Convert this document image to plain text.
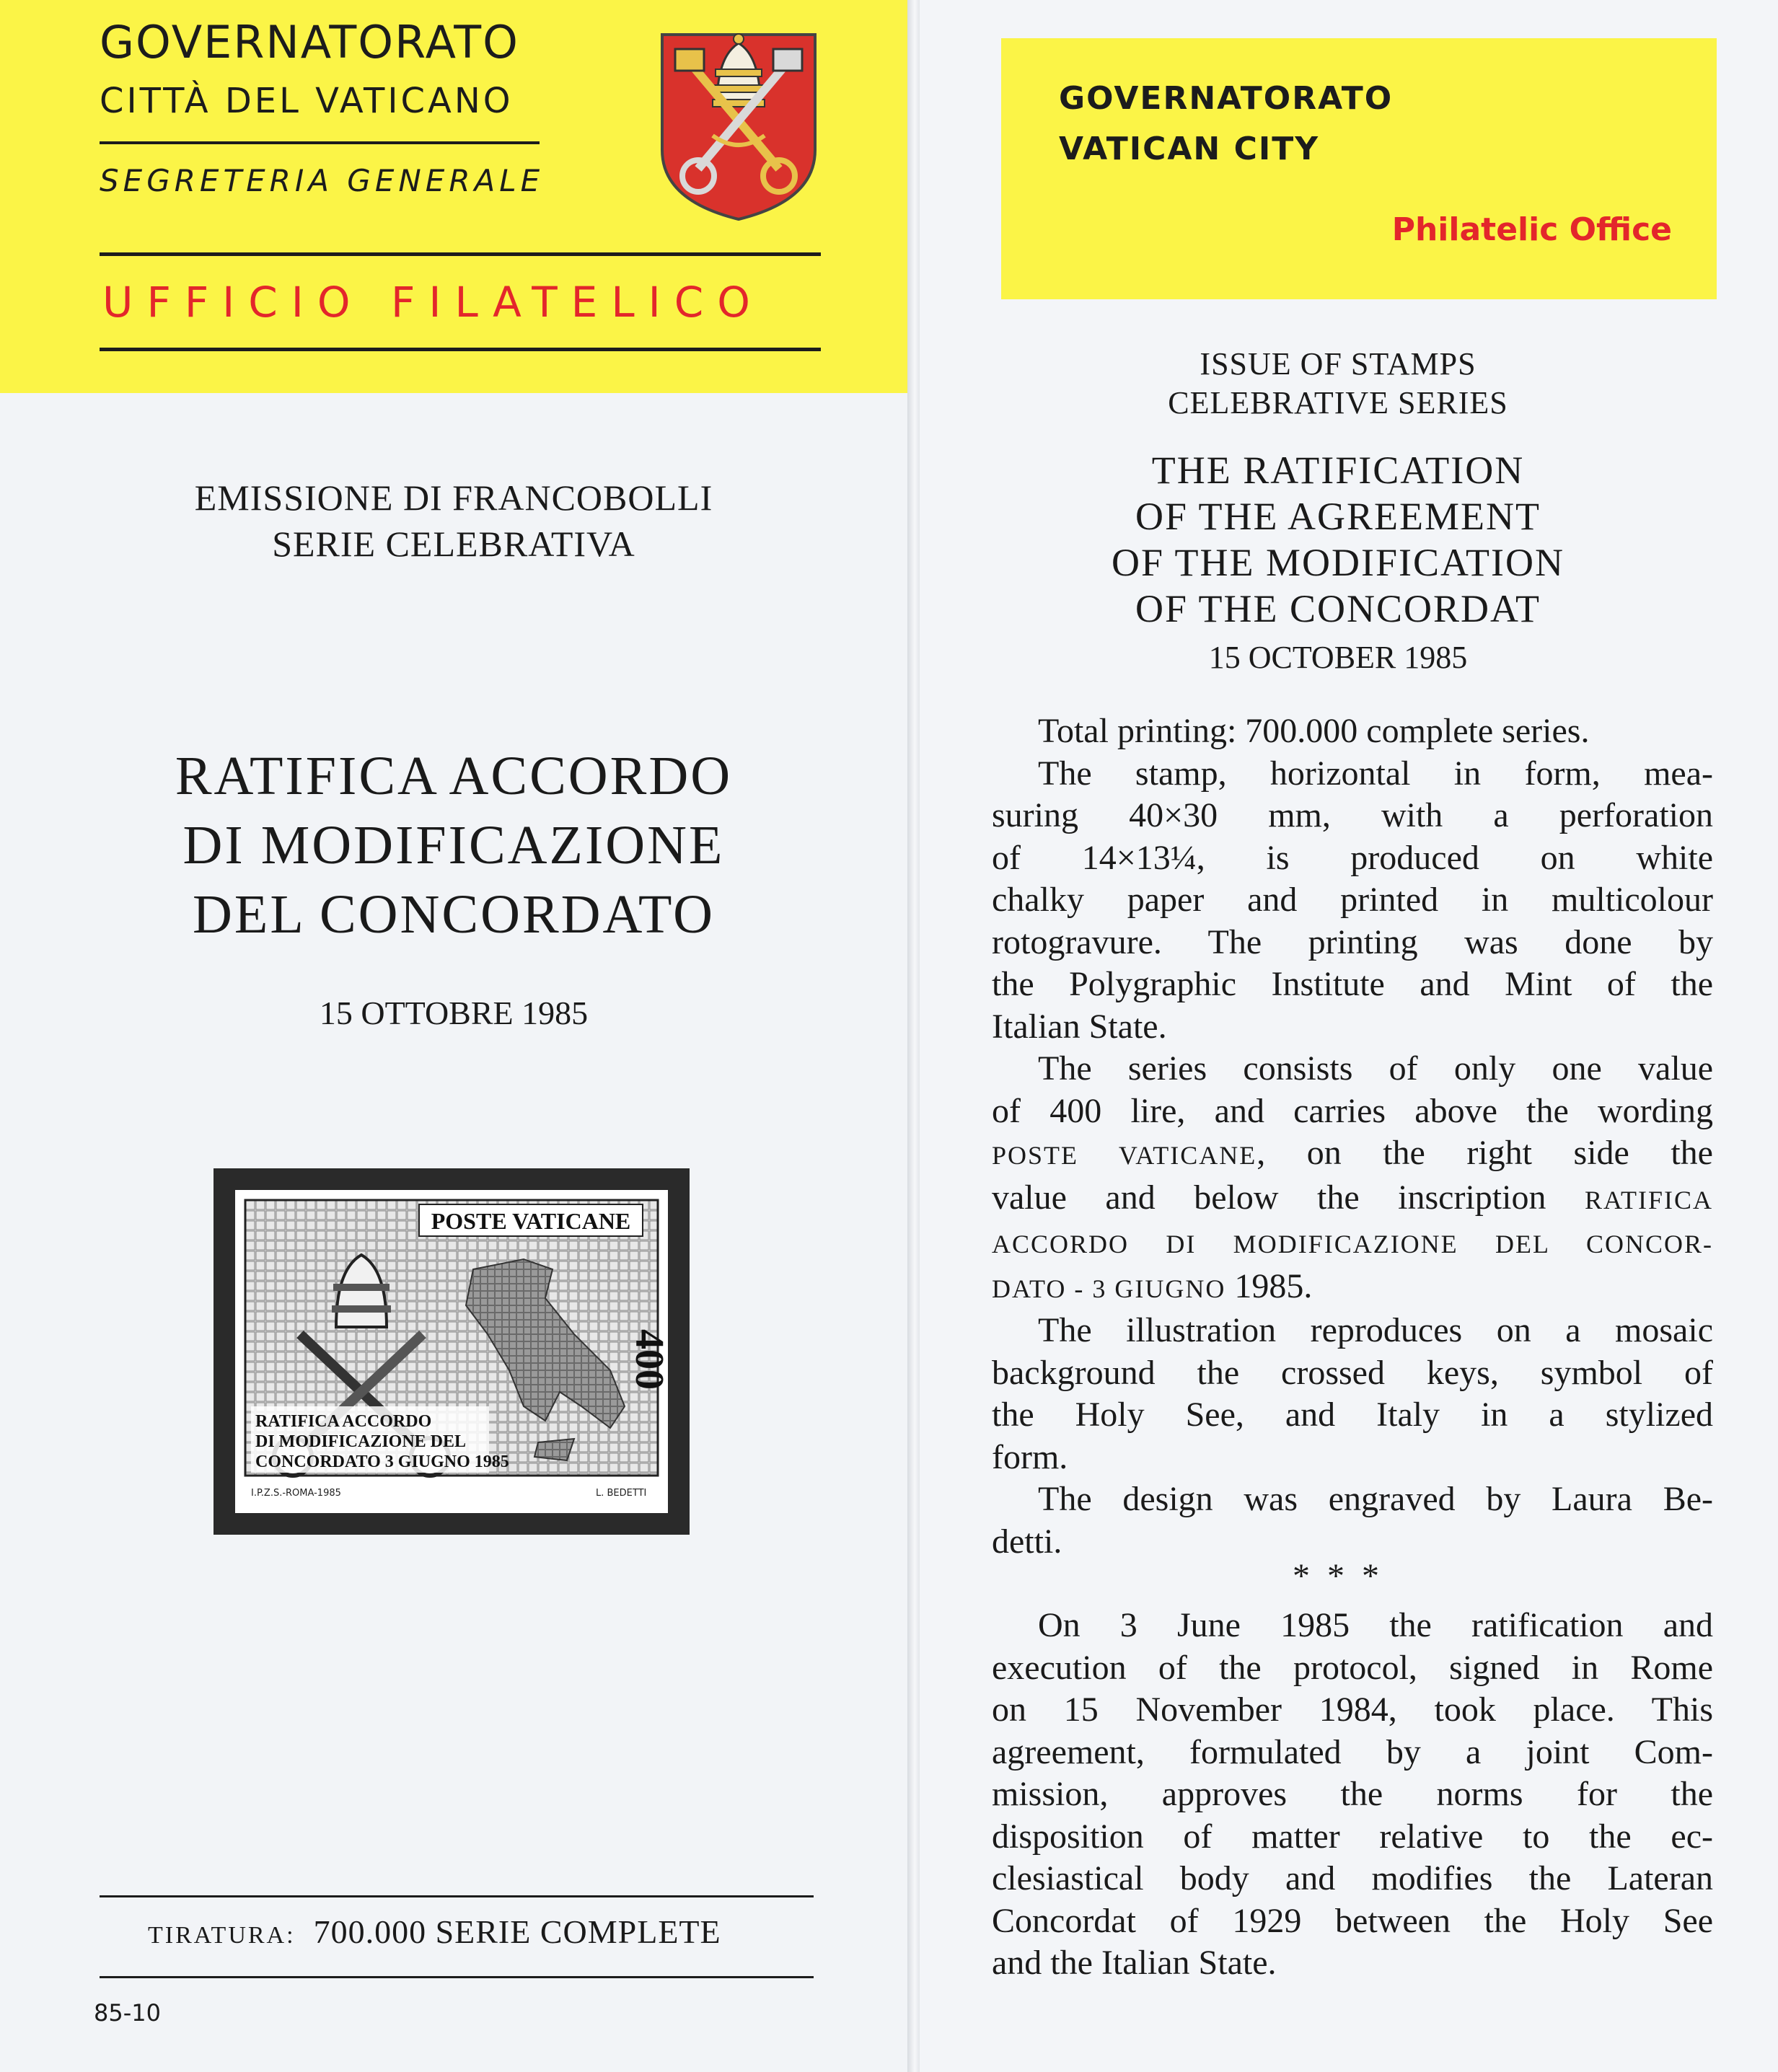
GOVERNATORATO
CITTÀ DEL VATICANO
SEGRETERIA GENERALE
UFFICIO FILATELICO
EMISSIONE DI FRANCOBOLLI
SERIE CELEBRATIVA
RATIFICA ACCORDO
DI MODIFICAZIONE
DEL CONCORDATO
15 OTTOBRE 1985
POSTE VATICANE
400
RATIFICA ACCORDO
DI MODIFICAZIONE DEL
CONCORDATO 3 GIUGNO 1985
I.P.Z.S.-ROMA-1985	L. BEDETTI
TIRATURA: 700.000 SERIE COMPLETE
85-10
GOVERNATORATO
VATICAN CITY
Philatelic Office
ISSUE OF STAMPS
CELEBRATIVE SERIES
THE RATIFICATION
OF THE AGREEMENT
OF THE MODIFICATION
OF THE CONCORDAT
15 OCTOBER 1985
Total printing: 700.000 complete series.
The stamp, horizontal in form, mea-
suring 40×30 mm, with a perforation
of 14×13¼, is produced on white
chalky paper and printed in multicolour
rotogravure. The printing was done by
the Polygraphic Institute and Mint of the
Italian State.
The series consists of only one value
of 400 lire, and carries above the wording
POSTE VATICANE, on the right side the
value and below the inscription RATIFICA
ACCORDO DI MODIFICAZIONE DEL CONCOR-
DATO - 3 GIUGNO 1985.
The illustration reproduces on a mosaic
background the crossed keys, symbol of
the Holy See, and Italy in a stylized
form.
The design was engraved by Laura Be-
detti.
* * *
On 3 June 1985 the ratification and
execution of the protocol, signed in Rome
on 15 November 1984, took place. This
agreement, formulated by a joint Com-
mission, approves the norms for the
disposition of matter relative to the ec-
clesiastical body and modifies the Lateran
Concordat of 1929 between the Holy See
and the Italian State.
